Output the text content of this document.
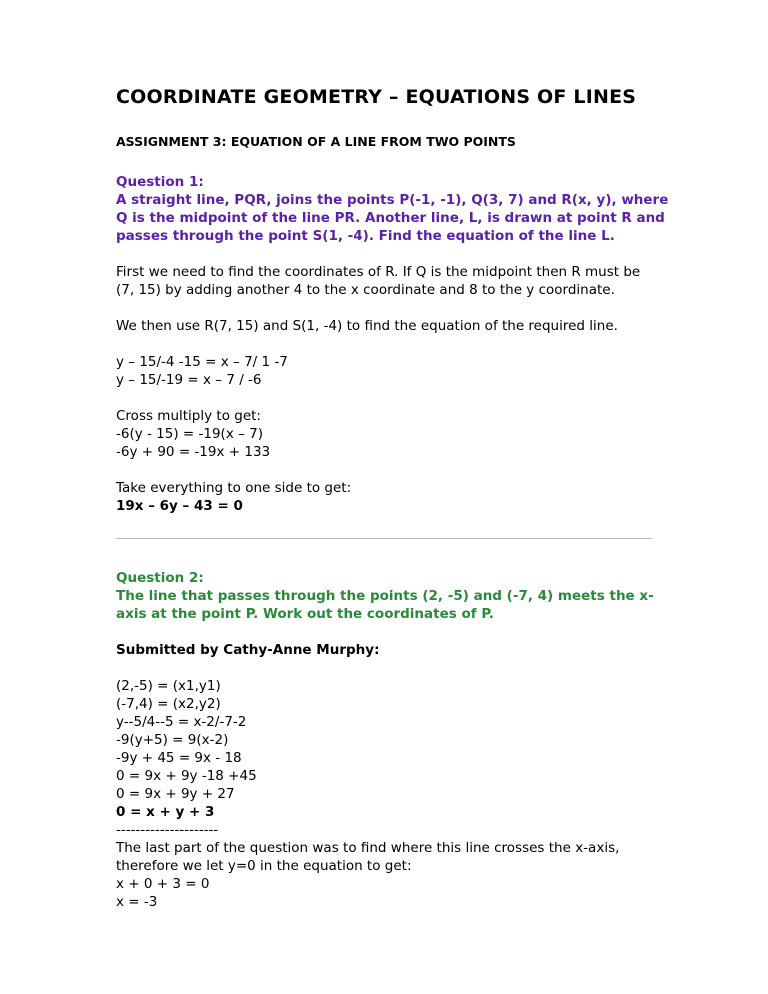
COORDINATE GEOMETRY – EQUATIONS OF LINES
ASSIGNMENT 3: EQUATION OF A LINE FROM TWO POINTS
Question 1:
A straight line, PQR, joins the points P(-1, -1), Q(3, 7) and R(x, y), where
Q is the midpoint of the line PR. Another line, L, is drawn at point R and
passes through the point S(1, -4). Find the equation of the line L.
First we need to find the coordinates of R. If Q is the midpoint then R must be
(7, 15) by adding another 4 to the x coordinate and 8 to the y coordinate.
We then use R(7, 15) and S(1, -4) to find the equation of the required line.
y – 15/-4 -15 = x – 7/ 1 -7
y – 15/-19 = x – 7 / -6
Cross multiply to get:
-6(y - 15) = -19(x – 7)
-6y + 90 = -19x + 133
Take everything to one side to get:
19x – 6y – 43 = 0
Question 2:
The line that passes through the points (2, -5) and (-7, 4) meets the x-
axis at the point P. Work out the coordinates of P.
Submitted by Cathy-Anne Murphy:
(2,-5) = (x1,y1)
(-7,4) = (x2,y2)
y--5/4--5 = x-2/-7-2
-9(y+5) = 9(x-2)
-9y + 45 = 9x - 18
0 = 9x + 9y -18 +45
0 = 9x + 9y + 27
0 = x + y + 3
---------------------
The last part of the question was to find where this line crosses the x-axis,
therefore we let y=0 in the equation to get:
x + 0 + 3 = 0
x = -3
